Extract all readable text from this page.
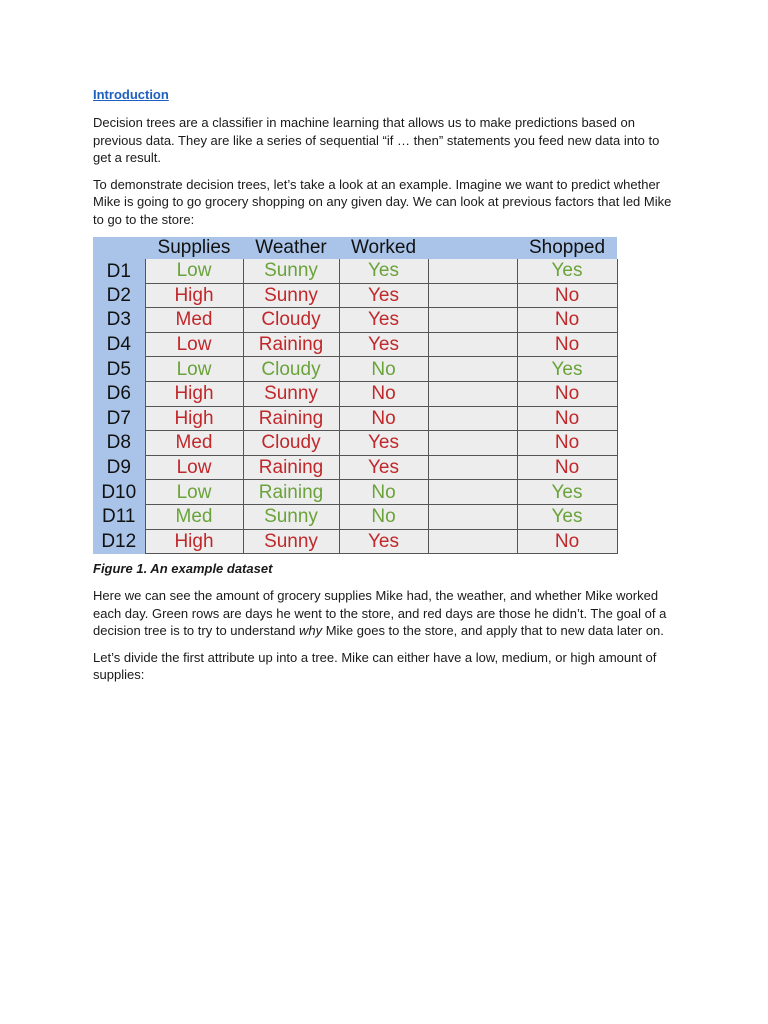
Introduction

Decision trees are a classifier in machine learning that allows us to make predictions based on previous data. They are like a series of sequential “if … then” statements you feed new data into to get a result.

To demonstrate decision trees, let’s take a look at an example. Imagine we want to predict whether Mike is going to go grocery shopping on any given day. We can look at previous factors that led Mike to go to the store:

	Supplies	Weather	Worked		Shopped
D1	Low	Sunny	Yes		Yes
D2	High	Sunny	Yes		No
D3	Med	Cloudy	Yes		No
D4	Low	Raining	Yes		No
D5	Low	Cloudy	No		Yes
D6	High	Sunny	No		No
D7	High	Raining	No		No
D8	Med	Cloudy	Yes		No
D9	Low	Raining	Yes		No
D10	Low	Raining	No		Yes
D11	Med	Sunny	No		Yes
D12	High	Sunny	Yes		No
Figure 1. An example dataset

Here we can see the amount of grocery supplies Mike had, the weather, and whether Mike worked each day. Green rows are days he went to the store, and red days are those he didn’t. The goal of a decision tree is to try to understand why Mike goes to the store, and apply that to new data later on.

Let’s divide the first attribute up into a tree. Mike can either have a low, medium, or high amount of supplies:
